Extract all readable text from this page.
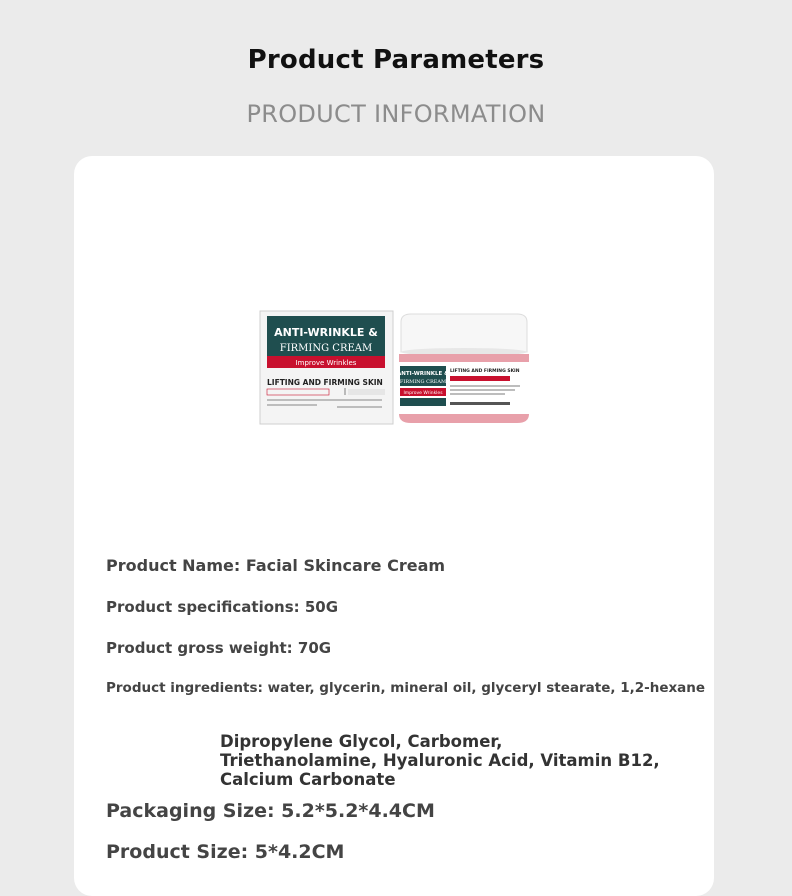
Product Parameters
PRODUCT INFORMATION
ANTI-WRINKLE &
FIRMING CREAM
Improve Wrinkles
LIFTING AND FIRMING SKIN
ANTI-WRINKLE &
FIRMING CREAM
Improve Wrinkles
LIFTING AND FIRMING SKIN
Product Name: Facial Skincare Cream
Product specifications: 50G
Product gross weight: 70G
Product ingredients: water, glycerin, mineral oil, glyceryl stearate, 1,2-hexane
Dipropylene Glycol, Carbomer, Triethanolamine, Hyaluronic Acid, Vitamin B12, Calcium Carbonate
Packaging Size: 5.2*5.2*4.4CM
Product Size: 5*4.2CM
